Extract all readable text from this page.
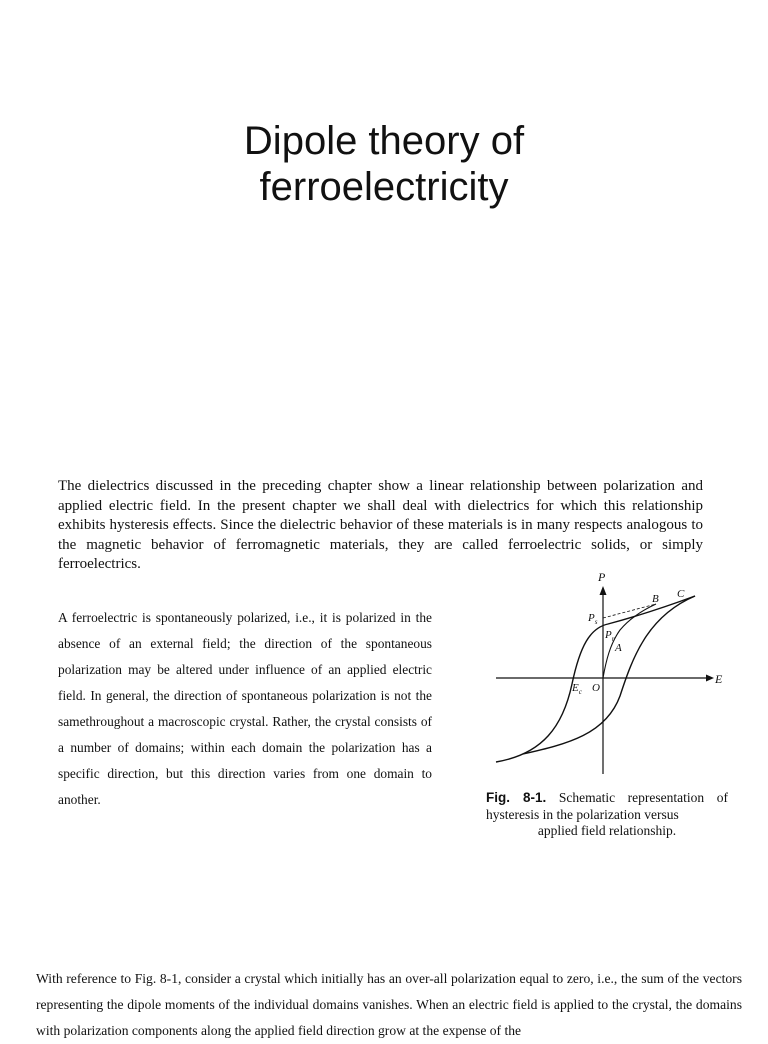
Dipole theory of
ferroelectricity

The dielectrics discussed in the preceding chapter show a linear relationship between polarization and applied electric field. In the present chapter we shall deal with dielectrics for which this relationship exhibits hysteresis effects. Since the dielectric behavior of these materials is in many respects analogous to the magnetic behavior of ferromagnetic materials, they are called ferroelectric solids, or simply ferroelectrics.

A ferroelectric is spontaneously polarized, i.e., it is polarized in the absence of an external field; the direction of the spontaneous polarization may be altered under influence of an applied electric field. In general, the direction of spontaneous polarization is not the samethroughout a macroscopic crystal. Rather, the crystal consists of a number of domains; within each domain the polarization has a specific direction, but this direction varies from one domain to another.

P
E
$P_s$
$P_r$
A
B C
$E_c$ O
Fig. 8-1. Schematic representation of hysteresis in the polarization versus
applied field relationship.

With reference to Fig. 8-1, consider a crystal which initially has an over-all polarization equal to zero, i.e., the sum of the vectors representing the dipole moments of the individual domains vanishes. When an electric field is applied to the crystal, the domains with polarization components along the applied field direction grow at the expense of the
